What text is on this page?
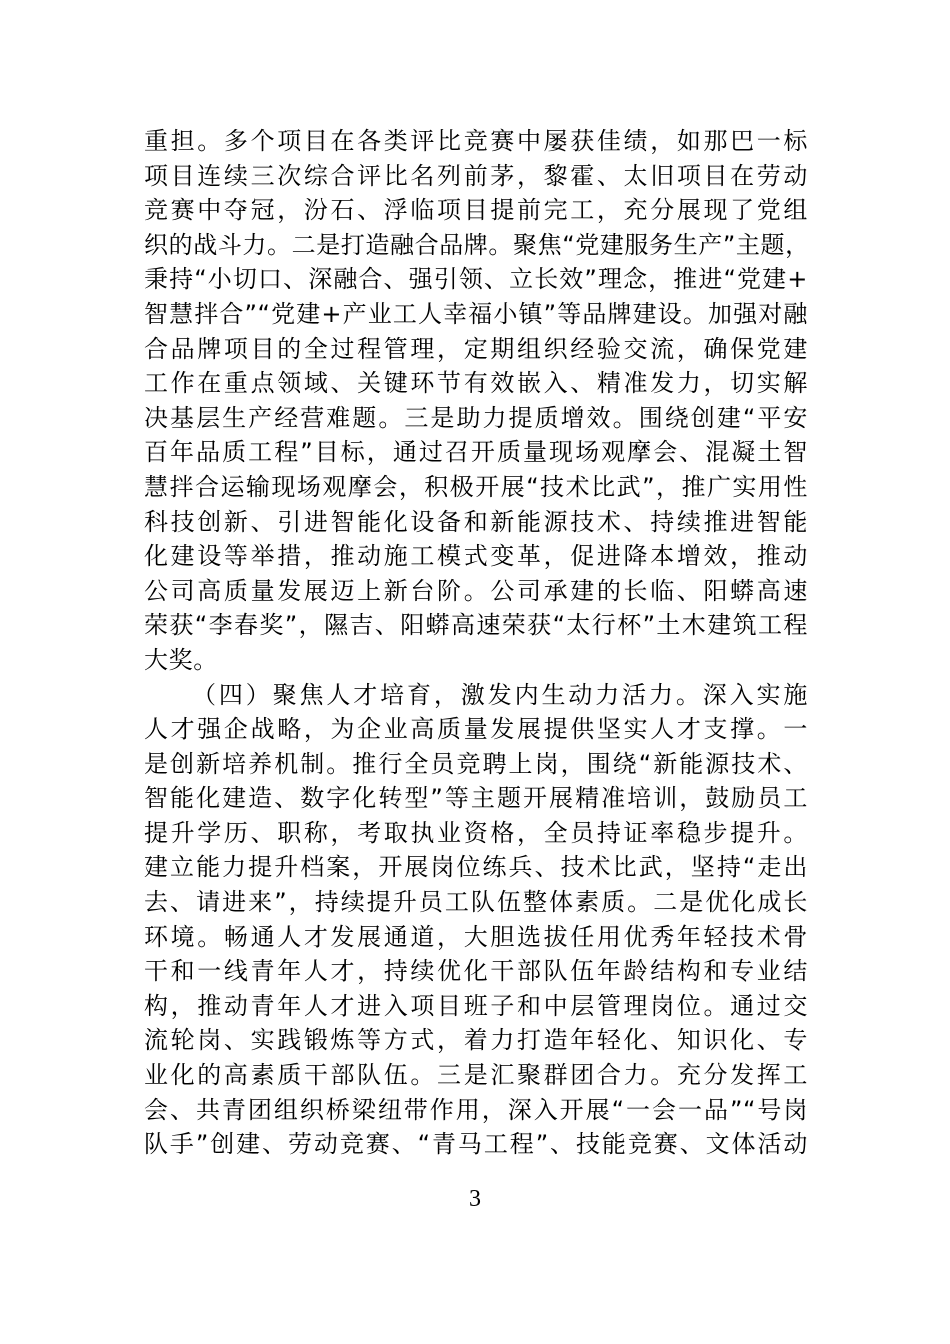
重担。多个项目在各类评比竞赛中屡获佳绩，如那巴一标
项目连续三次综合评比名列前茅，黎霍、太旧项目在劳动
竞赛中夺冠，汾石、浮临项目提前完工，充分展现了党组
织的战斗力。二是打造融合品牌。聚焦“党建服务生产”主题，
秉持“小切口、深融合、强引领、立长效”理念，推进“党建+
智慧拌合”“党建+产业工人幸福小镇”等品牌建设。加强对融
合品牌项目的全过程管理，定期组织经验交流，确保党建
工作在重点领域、关键环节有效嵌入、精准发力，切实解
决基层生产经营难题。三是助力提质增效。围绕创建“平安
百年品质工程”目标，通过召开质量现场观摩会、混凝土智
慧拌合运输现场观摩会，积极开展“技术比武”，推广实用性
科技创新、引进智能化设备和新能源技术、持续推进智能
化建设等举措，推动施工模式变革，促进降本增效，推动
公司高质量发展迈上新台阶。公司承建的长临、阳蟒高速
荣获“李春奖”，隰吉、阳蟒高速荣获“太行杯”土木建筑工程
大奖。
（四）聚焦人才培育，激发内生动力活力。深入实施
人才强企战略，为企业高质量发展提供坚实人才支撑。一
是创新培养机制。推行全员竞聘上岗，围绕“新能源技术、
智能化建造、数字化转型”等主题开展精准培训，鼓励员工
提升学历、职称，考取执业资格，全员持证率稳步提升。
建立能力提升档案，开展岗位练兵、技术比武，坚持“走出
去、请进来”，持续提升员工队伍整体素质。二是优化成长
环境。畅通人才发展通道，大胆选拔任用优秀年轻技术骨
干和一线青年人才，持续优化干部队伍年龄结构和专业结
构，推动青年人才进入项目班子和中层管理岗位。通过交
流轮岗、实践锻炼等方式，着力打造年轻化、知识化、专
业化的高素质干部队伍。三是汇聚群团合力。充分发挥工
会、共青团组织桥梁纽带作用，深入开展“一会一品”“号岗
队手”创建、劳动竞赛、“青马工程”、技能竞赛、文体活动
3
